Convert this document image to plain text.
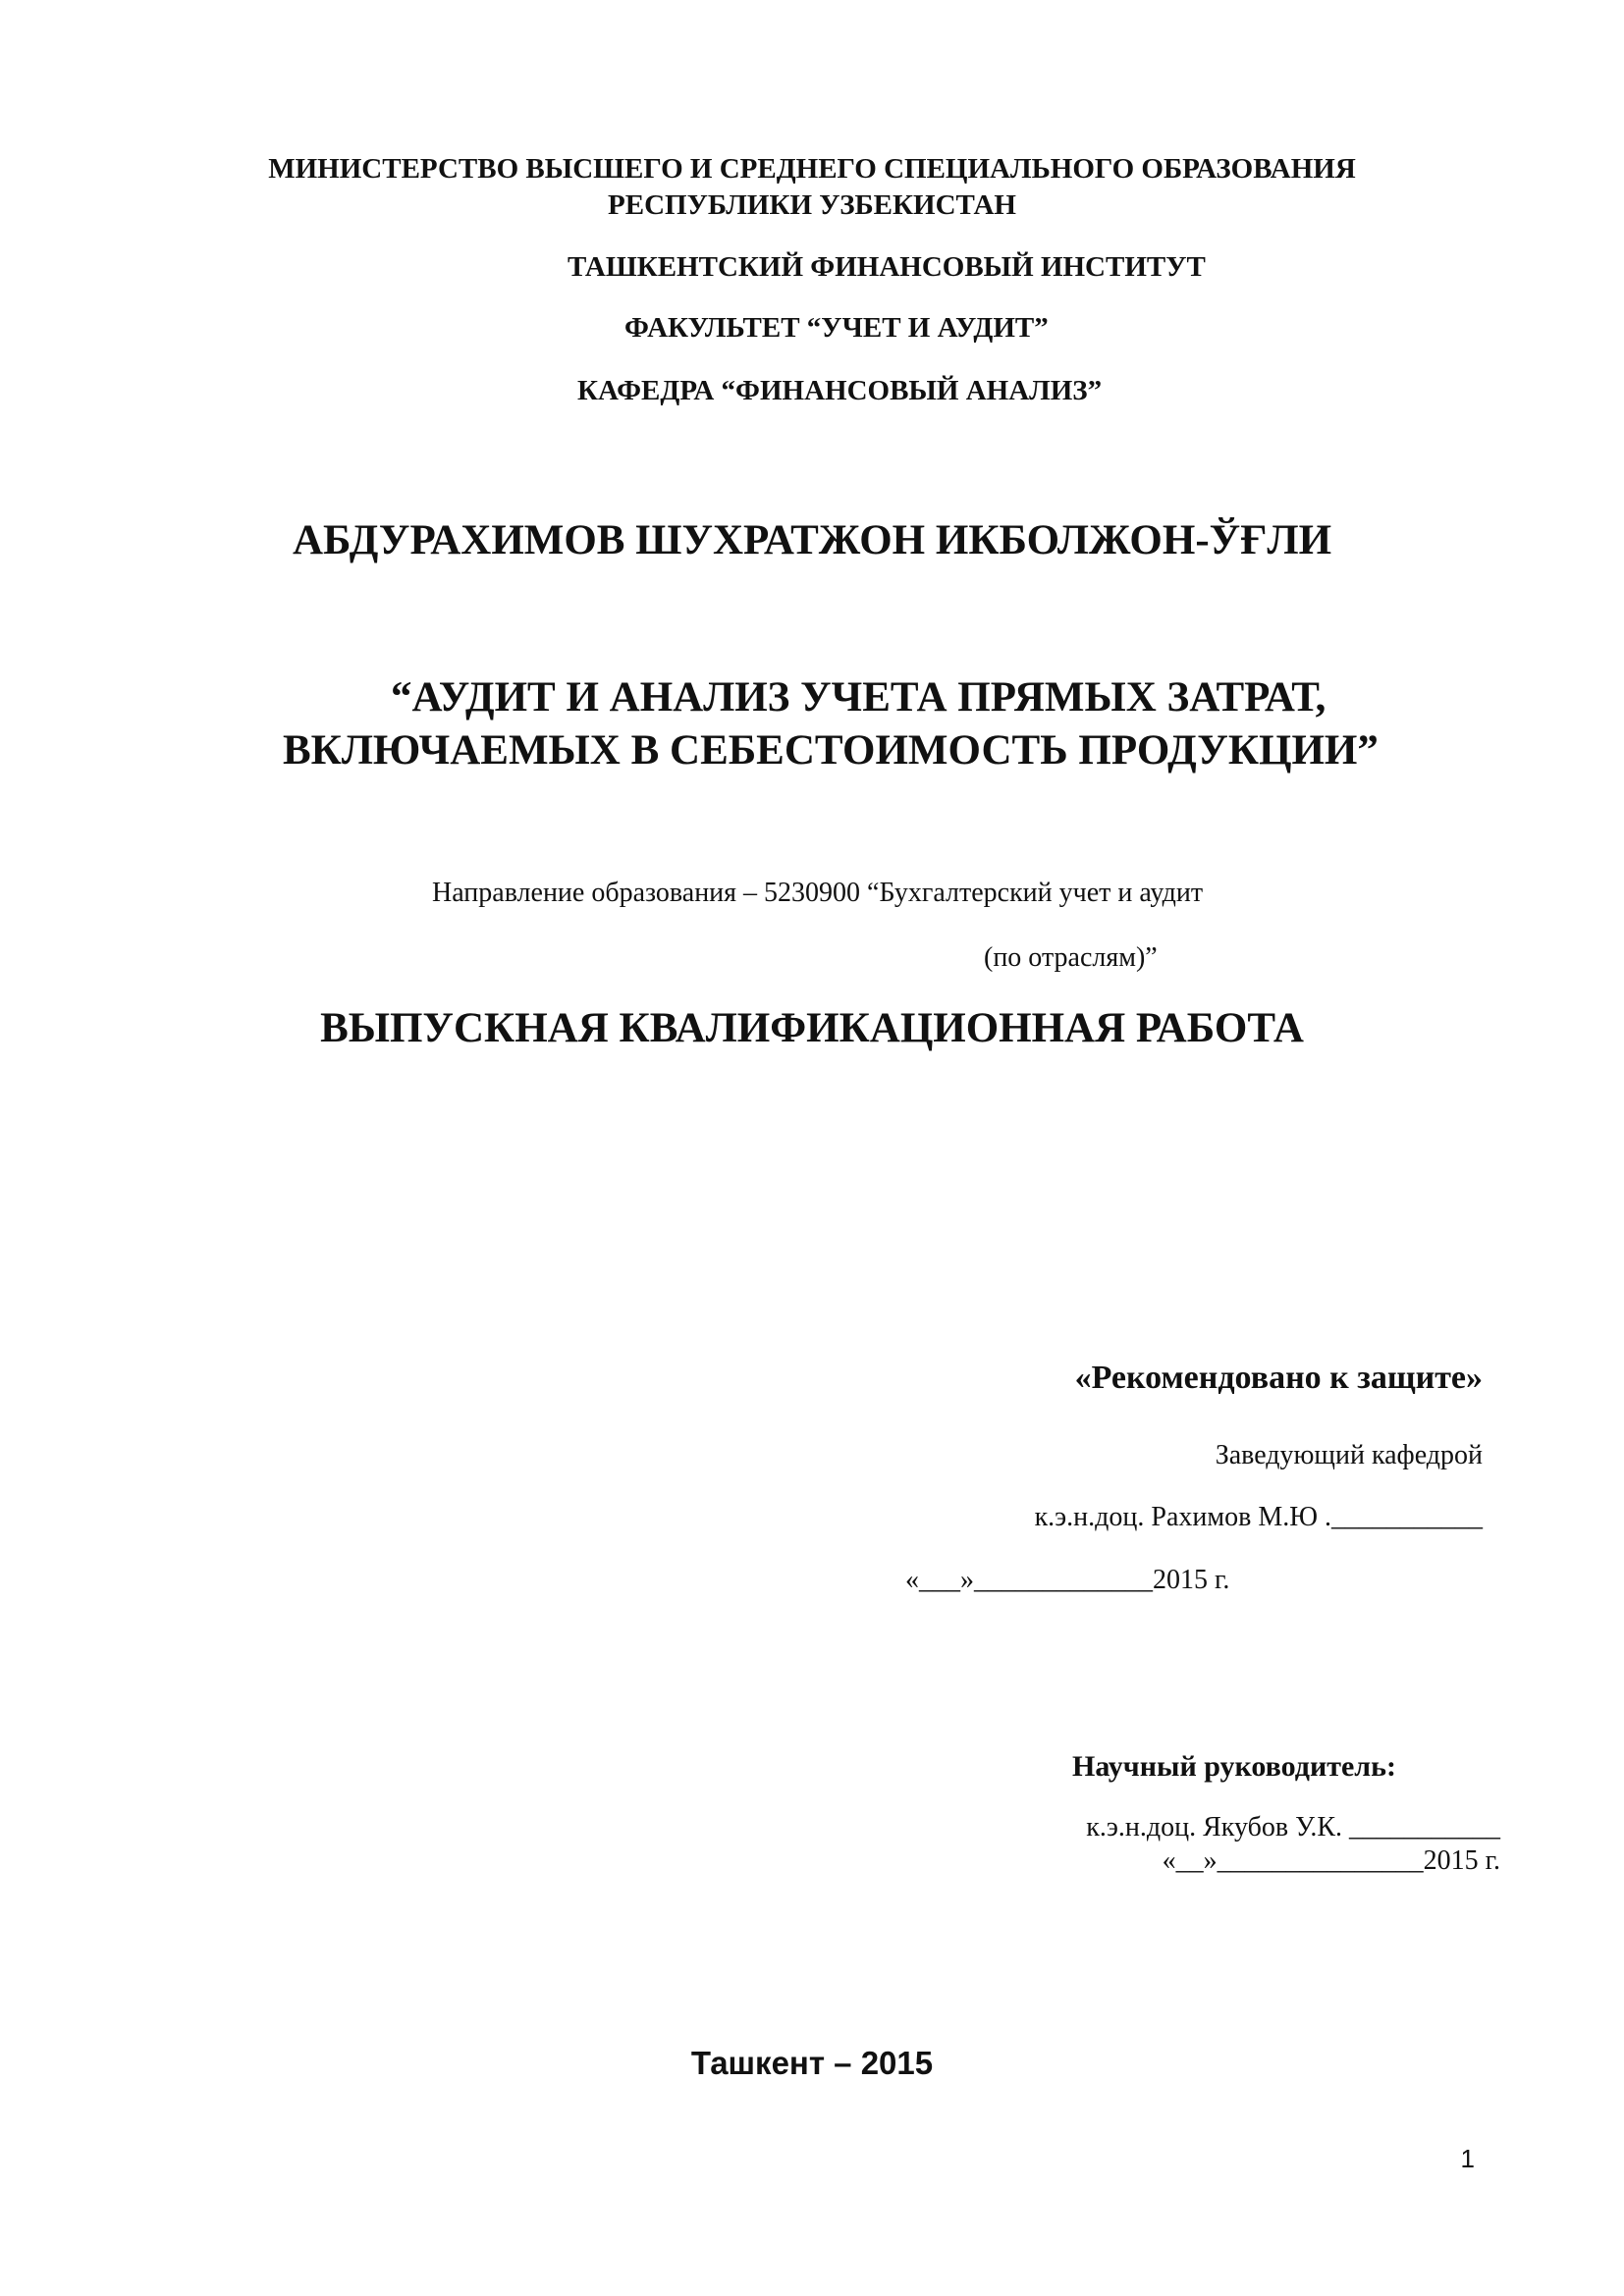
МИНИСТЕРСТВО ВЫСШЕГО И СРЕДНЕГО СПЕЦИАЛЬНОГО ОБРАЗОВАНИЯ

РЕСПУБЛИКИ УЗБЕКИСТАН

ТАШКЕНТСКИЙ ФИНАНСОВЫЙ ИНСТИТУТ

ФАКУЛЬТЕТ “УЧЕТ И АУДИТ”

КАФЕДРА “ФИНАНСОВЫЙ АНАЛИЗ”

АБДУРАХИМОВ ШУХРАТЖОН ИКБОЛЖОН-ЎҒЛИ

“АУДИТ И АНАЛИЗ УЧЕТА ПРЯМЫХ ЗАТРАТ,

ВКЛЮЧАЕМЫХ В СЕБЕСТОИМОСТЬ ПРОДУКЦИИ”

Направление образования – 5230900 “Бухгалтерский учет и аудит

(по отраслям)”

ВЫПУСКНАЯ КВАЛИФИКАЦИОННАЯ РАБОТА

«Рекомендовано к защите»

Заведующий кафедрой

к.э.н.доц. Рахимов М.Ю .___________

«___»_____________2015 г.

Научный руководитель:

к.э.н.доц. Якубов У.К. ___________

«__»_______________2015 г.

Ташкент – 2015

1
